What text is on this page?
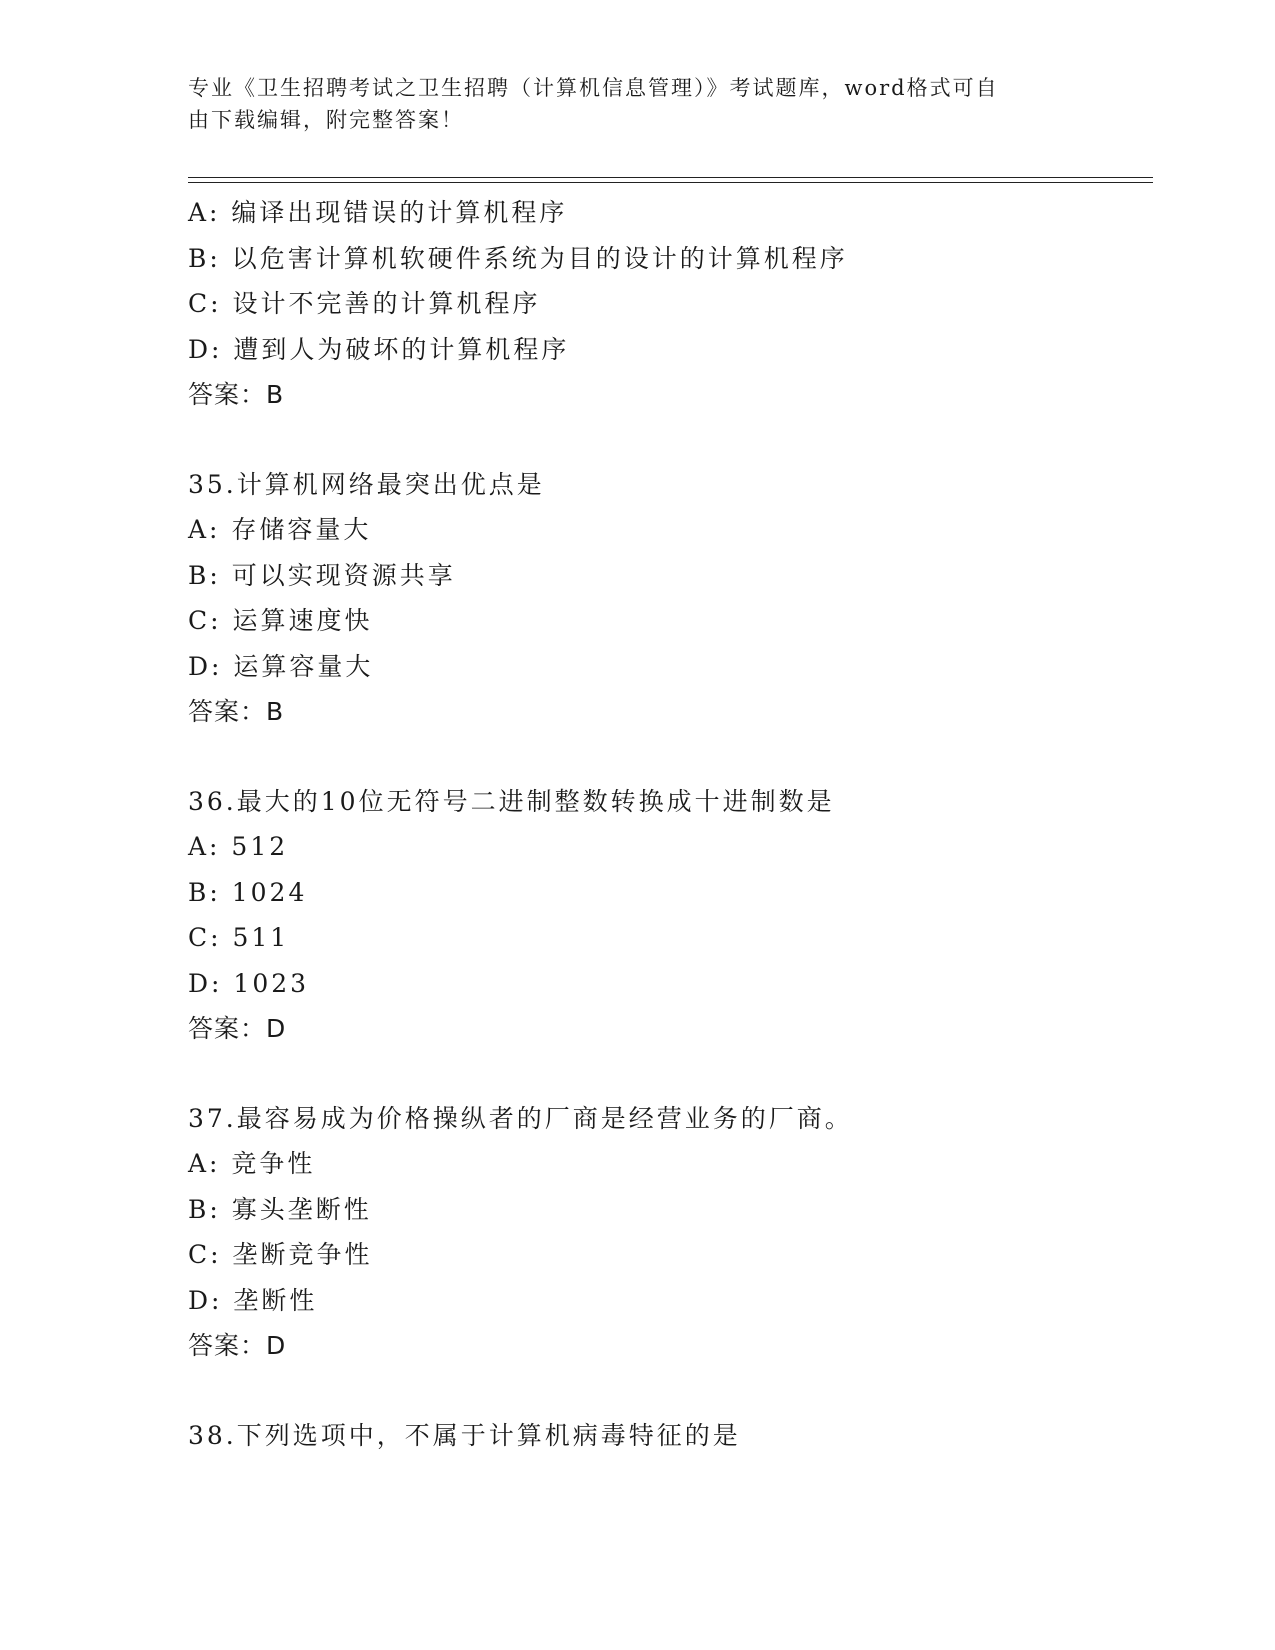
专业《卫生招聘考试之卫生招聘（计算机信息管理）》考试题库，word格式可自
由下载编辑，附完整答案！
A: 编译出现错误的计算机程序
B: 以危害计算机软硬件系统为目的设计的计算机程序
C: 设计不完善的计算机程序
D: 遭到人为破坏的计算机程序
答案：B
35.计算机网络最突出优点是
A: 存储容量大
B: 可以实现资源共享
C: 运算速度快
D: 运算容量大
答案：B
36.最大的10位无符号二进制整数转换成十进制数是
A: 512
B: 1024
C: 511
D: 1023
答案：D
37.最容易成为价格操纵者的厂商是经营业务的厂商。
A: 竞争性
B: 寡头垄断性
C: 垄断竞争性
D: 垄断性
答案：D
38.下列选项中，不属于计算机病毒特征的是
